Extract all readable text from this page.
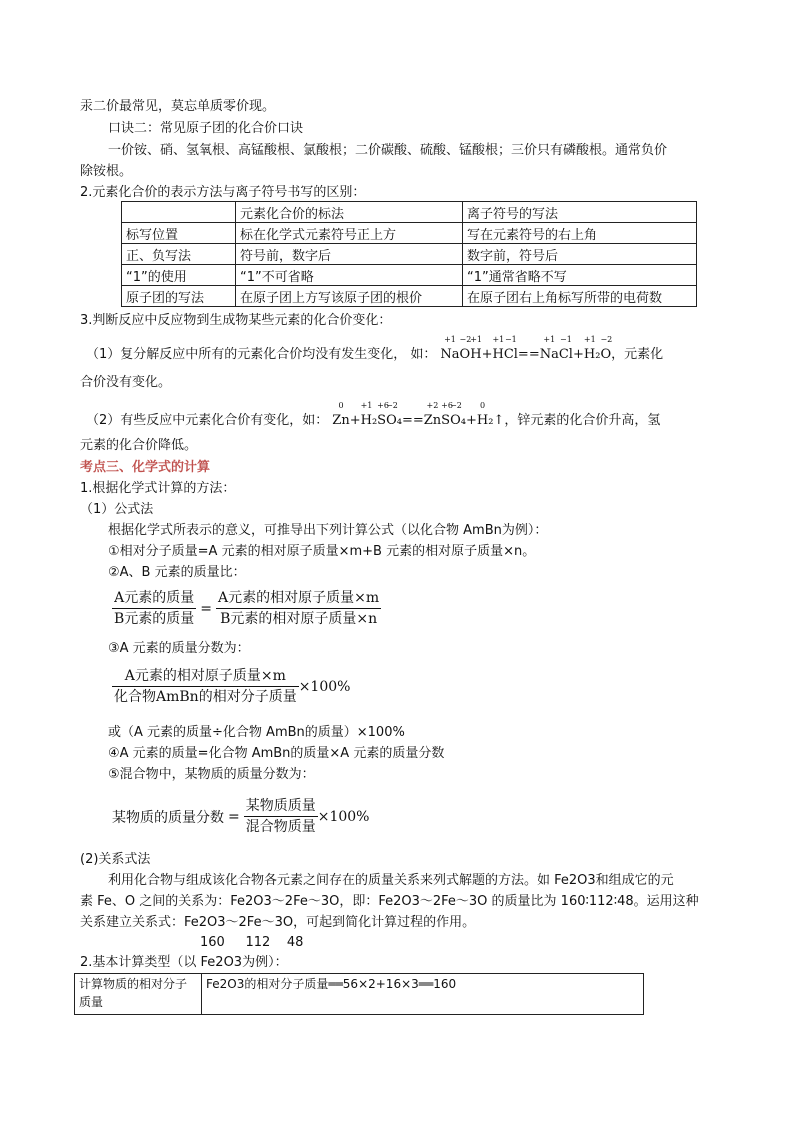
汞二价最常见，莫忘单质零价现。
口诀二：常见原子团的化合价口诀
一价铵、硝、氢氧根、高锰酸根、氯酸根；二价碳酸、硫酸、锰酸根；三价只有磷酸根。通常负价
除铵根。
2.元素化合价的表示方法与离子符号书写的区别：
	元素化合价的标法	离子符号的写法
标写位置	标在化学式元素符号正上方	写在元素符号的右上角
正、负写法	符号前，数字后	数字前，符号后
“1”的使用	“1”不可省略	“1”通常省略不写
原子团的写法	在原子团上方写该原子团的根价	在原子团右上角标写所带的电荷数
3.判断反应中反应物到生成物某些元素的化合价变化：
（1）复分解反应中所有的元素化合价均没有发生变化， 如： Na
+1
O
−2
H
+1
+H
+1
Cl
−1
==Na
+1
Cl
−1
+H
+1
₂O
−2
，元素化
合价没有变化。
（2）有些反应中元素化合价有变化，如： Zn
0
+H
+1
₂S
+6
O
−2
₄==Zn
+2
S
+6
O
−2
₄+H
0
₂↑ ，锌元素的化合价升高，氢
元素的化合价降低。
考点三、化学式的计算
1.根据化学式计算的方法：
（1）公式法
根据化学式所表示的意义，可推导出下列计算公式（以化合物 AmBn为例）：
①相对分子质量=A 元素的相对原子质量×m+B 元素的相对原子质量×n。
②A、B 元素的质量比：
$\frac{\text{A元素的质量}}{\text{B元素的质量}} = \frac{\text{A元素的相对原子质量×m}}{\text{B元素的相对原子质量×n}}$
③A 元素的质量分数为：
$\frac{\text{A元素的相对原子质量×m}}{\text{化合物AmBn的相对分子质量}} \times 100\%$
或（A 元素的质量÷化合物 AmBn的质量）×100%
④A 元素的质量=化合物 AmBn的质量×A 元素的质量分数
⑤混合物中，某物质的质量分数为：
某物质的质量分数 = $\frac{\text{某物质质量}}{\text{混合物质量}} \times 100\%$
(2)关系式法
利用化合物与组成该化合物各元素之间存在的质量关系来列式解题的方法。如 Fe2O3和组成它的元
素 Fe、O 之间的关系为：Fe2O3～2Fe～3O，即：Fe2O3～2Fe～3O 的质量比为 160∶112∶48。运用这种
关系建立关系式：Fe2O3～2Fe～3O，可起到简化计算过程的作用。
160     112    48
2.基本计算类型（以 Fe2O3为例）：
计算物质的相对分子质量	Fe2O3的相对分子质量══56×2+16×3══160
